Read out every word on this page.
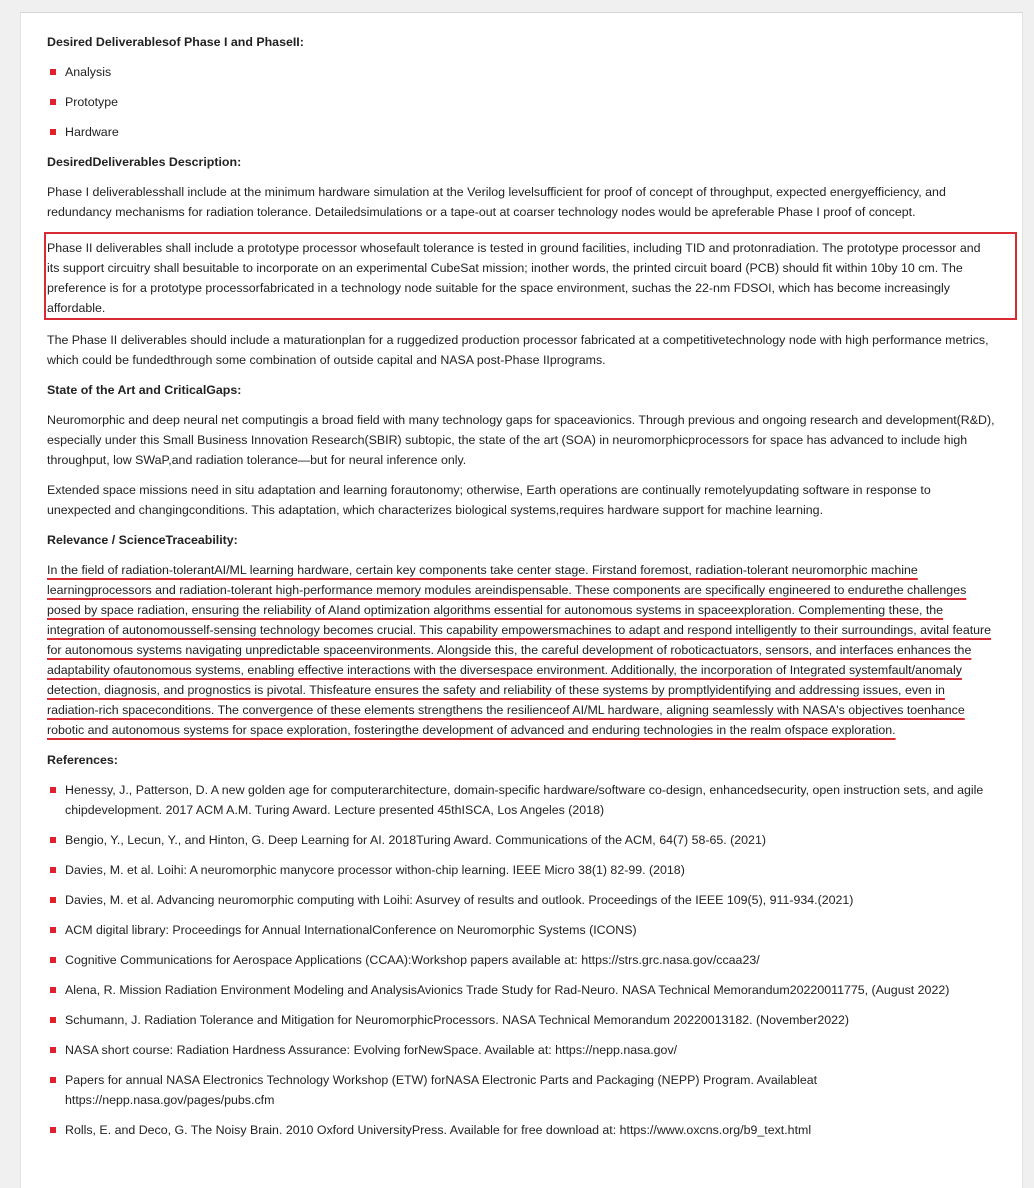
Desired Deliverablesof Phase I and PhaseII:
Analysis
Prototype
Hardware
DesiredDeliverables Description:

Phase I deliverablesshall include at the minimum hardware simulation at the Verilog levelsufficient for proof of concept of throughput, expected energyefficiency, and redundancy mechanisms for radiation tolerance. Detailedsimulations or a tape-out at coarser technology nodes would be apreferable Phase I proof of concept.

Phase II deliverables shall include a prototype processor whosefault tolerance is tested in ground facilities, including TID and protonradiation. The prototype processor and its support circuitry shall besuitable to incorporate on an experimental CubeSat mission; inother words, the printed circuit board (PCB) should fit within 10by 10 cm. The preference is for a prototype processorfabricated in a technology node suitable for the space environment, suchas the 22-nm FDSOI, which has become increasingly affordable.

The Phase II deliverables should include a maturationplan for a ruggedized production processor fabricated at a competitivetechnology node with high performance metrics, which could be fundedthrough some combination of outside capital and NASA post-Phase IIprograms.

State of the Art and CriticalGaps:

Neuromorphic and deep neural net computingis a broad field with many technology gaps for spaceavionics. Through previous and ongoing research and development(R&D), especially under this Small Business Innovation Research(SBIR) subtopic, the state of the art (SOA) in neuromorphicprocessors for space has advanced to include high throughput, low SWaP,and radiation tolerance—but for neural inference only.

Extended space missions need in situ adaptation and learning forautonomy; otherwise, Earth operations are continually remotelyupdating software in response to unexpected and changingconditions. This adaptation, which characterizes biological systems,requires hardware support for machine learning.

Relevance / ScienceTraceability:

In the field of radiation-tolerantAI/ML learning hardware, certain key components take center stage. Firstand foremost, radiation-tolerant neuromorphic machine learningprocessors and radiation-tolerant high-performance memory modules areindispensable. These components are specifically engineered to endurethe challenges posed by space radiation, ensuring the reliability of AIand optimization algorithms essential for autonomous systems in spaceexploration. Complementing these, the integration of autonomousself-sensing technology becomes crucial. This capability empowersmachines to adapt and respond intelligently to their surroundings, avital feature for autonomous systems navigating unpredictable spaceenvironments. Alongside this, the careful development of roboticactuators, sensors, and interfaces enhances the adaptability ofautonomous systems, enabling effective interactions with the diversespace environment. Additionally, the incorporation of Integrated systemfault/anomaly detection, diagnosis, and prognostics is pivotal. Thisfeature ensures the safety and reliability of these systems by promptlyidentifying and addressing issues, even in radiation-rich spaceconditions. The convergence of these elements strengthens the resilienceof AI/ML hardware, aligning seamlessly with NASA's objectives toenhance robotic and autonomous systems for space exploration, fosteringthe development of advanced and enduring technologies in the realm ofspace exploration.

References:
Henessy, J., Patterson, D. A new golden age for computerarchitecture, domain-specific hardware/software co-design, enhancedsecurity, open instruction sets, and agile chipdevelopment. 2017 ACM A.M. Turing Award. Lecture presented 45thISCA, Los Angeles (2018)
Bengio, Y., Lecun, Y., and Hinton, G. Deep Learning for AI. 2018Turing Award. Communications of the ACM, 64(7) 58-65. (2021)
Davies, M. et al. Loihi: A neuromorphic manycore processor withon-chip learning. IEEE Micro 38(1) 82-99. (2018)
Davies, M. et al. Advancing neuromorphic computing with Loihi: Asurvey of results and outlook. Proceedings of the IEEE 109(5), 911-934.(2021)
ACM digital library: Proceedings for Annual InternationalConference on Neuromorphic Systems (ICONS)
Cognitive Communications for Aerospace Applications (CCAA):Workshop papers available at: https://strs.grc.nasa.gov/ccaa23/
Alena, R. Mission Radiation Environment Modeling and AnalysisAvionics Trade Study for Rad-Neuro. NASA Technical Memorandum20220011775, (August 2022)
Schumann, J. Radiation Tolerance and Mitigation for NeuromorphicProcessors. NASA Technical Memorandum 20220013182. (November2022)
NASA short course: Radiation Hardness Assurance: Evolving forNewSpace. Available at: https://nepp.nasa.gov/
Papers for annual NASA Electronics Technology Workshop (ETW) forNASA Electronic Parts and Packaging (NEPP) Program. Availableat https://nepp.nasa.gov/pages/pubs.cfm
Rolls, E. and Deco, G. The Noisy Brain. 2010 Oxford UniversityPress. Available for free download at: https://www.oxcns.org/b9_text.html
